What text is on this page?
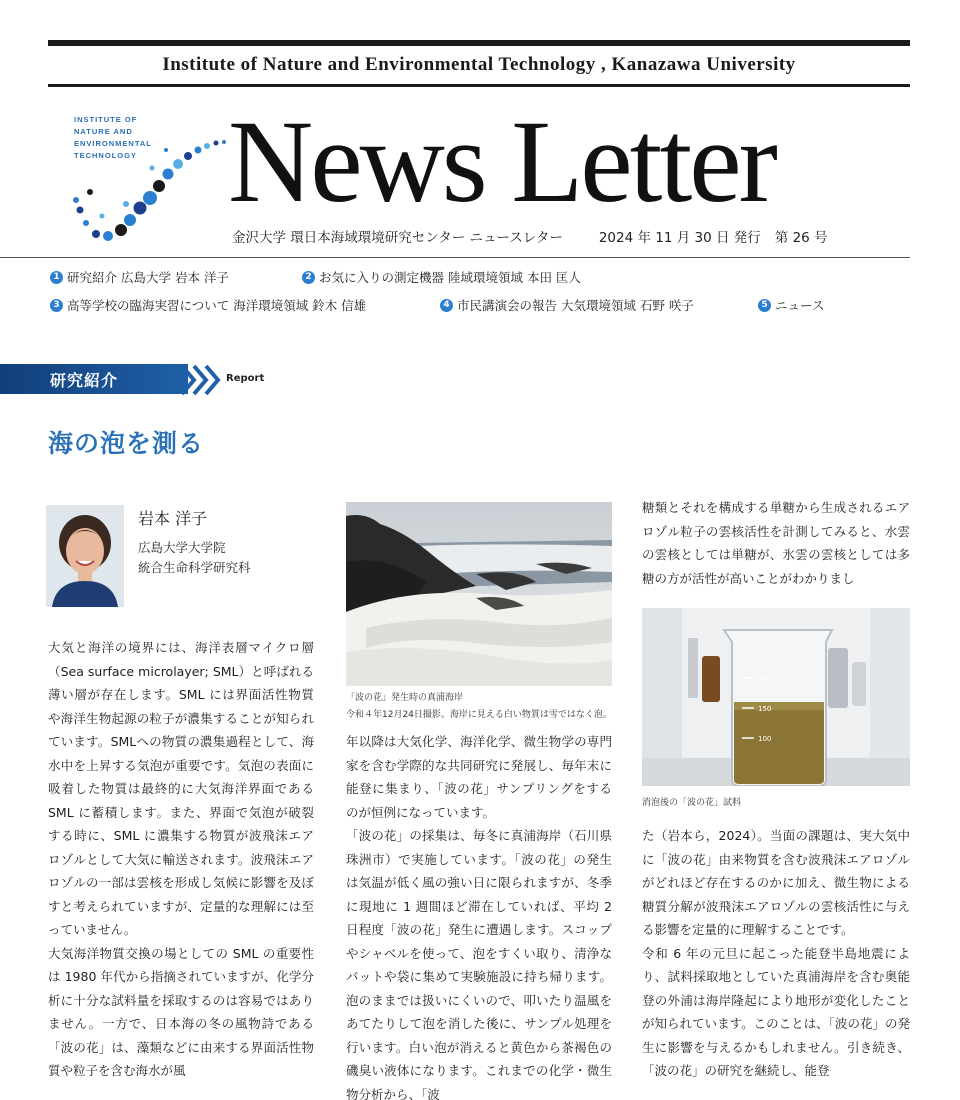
Institute of Nature and Environmental Technology , Kanazawa University
INSTITUTE OF
NATURE AND
ENVIRONMENTAL
TECHNOLOGY News Letter
金沢大学 環日本海域環境研究センター ニュースレター	2024 年 11 月 30 日 発行 第 26 号
1 研究紹介 広島大学 岩本 洋子	2 お気に入りの測定機器 陸域環境領域 本田 匡人
3 高等学校の臨海実習について 海洋環境領域 鈴木 信雄	4 市民講演会の報告 大気環境領域 石野 咲子	5 ニュース
研究紹介	Report
海の泡を測る
岩本 洋子
広島大学大学院
統合生命科学研究科

大気と海洋の境界には、海洋表層マイクロ層（Sea surface microlayer; SML）と呼ばれる薄い層が存在します。SML には界面活性物質や海洋生物起源の粒子が濃集することが知られています。SMLへの物質の濃集過程として、海水中を上昇する気泡が重要です。気泡の表面に吸着した物質は最終的に大気海洋界面である SML に蓄積します。また、界面で気泡が破裂する時に、SML に濃集する物質が波飛沫エアロゾルとして大気に輸送されます。波飛沫エアロゾルの一部は雲核を形成し気候に影響を及ぼすと考えられていますが、定量的な理解には至っていません。

大気海洋物質交換の場としての SML の重要性は 1980 年代から指摘されていますが、化学分析に十分な試料量を採取するのは容易ではありません。一方で、日本海の冬の風物詩である「波の花」は、藻類などに由来する界面活性物質や粒子を含む海水が風

「波の花」発生時の真浦海岸
令和４年12月24日撮影。海岸に見える白い物質は雪ではなく泡。

年以降は大気化学、海洋化学、微生物学の専門家を含む学際的な共同研究に発展し、毎年末に能登に集まり、「波の花」サンプリングをするのが恒例になっています。

「波の花」の採集は、毎冬に真浦海岸（石川県珠洲市）で実施しています。「波の花」の発生は気温が低く風の強い日に限られますが、冬季に現地に 1 週間ほど滞在していれば、平均 2 日程度「波の花」発生に遭遇します。スコップやシャベルを使って、泡をすくい取り、清浄なバットや袋に集めて実験施設に持ち帰ります。泡のままでは扱いにくいので、叩いたり温風をあてたりして泡を消した後に、サンプル処理を行います。白い泡が消えると黄色から茶褐色の磯臭い液体になります。これまでの化学・微生物分析から、「波

糖類とそれを構成する単糖から生成されるエアロゾル粒子の雲核活性を計測してみると、水雲の雲核としては単糖が、氷雲の雲核としては多糖の方が活性が高いことがわかりまし

200
150
100
消泡後の「波の花」試料

た（岩本ら，2024）。当面の課題は、実大気中に「波の花」由来物質を含む波飛沫エアロゾルがどれほど存在するのかに加え、微生物による糖質分解が波飛沫エアロゾルの雲核活性に与える影響を定量的に理解することです。

令和 6 年の元旦に起こった能登半島地震により、試料採取地としていた真浦海岸を含む奥能登の外浦は海岸隆起により地形が変化したことが知られています。このことは、「波の花」の発生に影響を与えるかもしれません。引き続き、「波の花」の研究を継続し、能登
